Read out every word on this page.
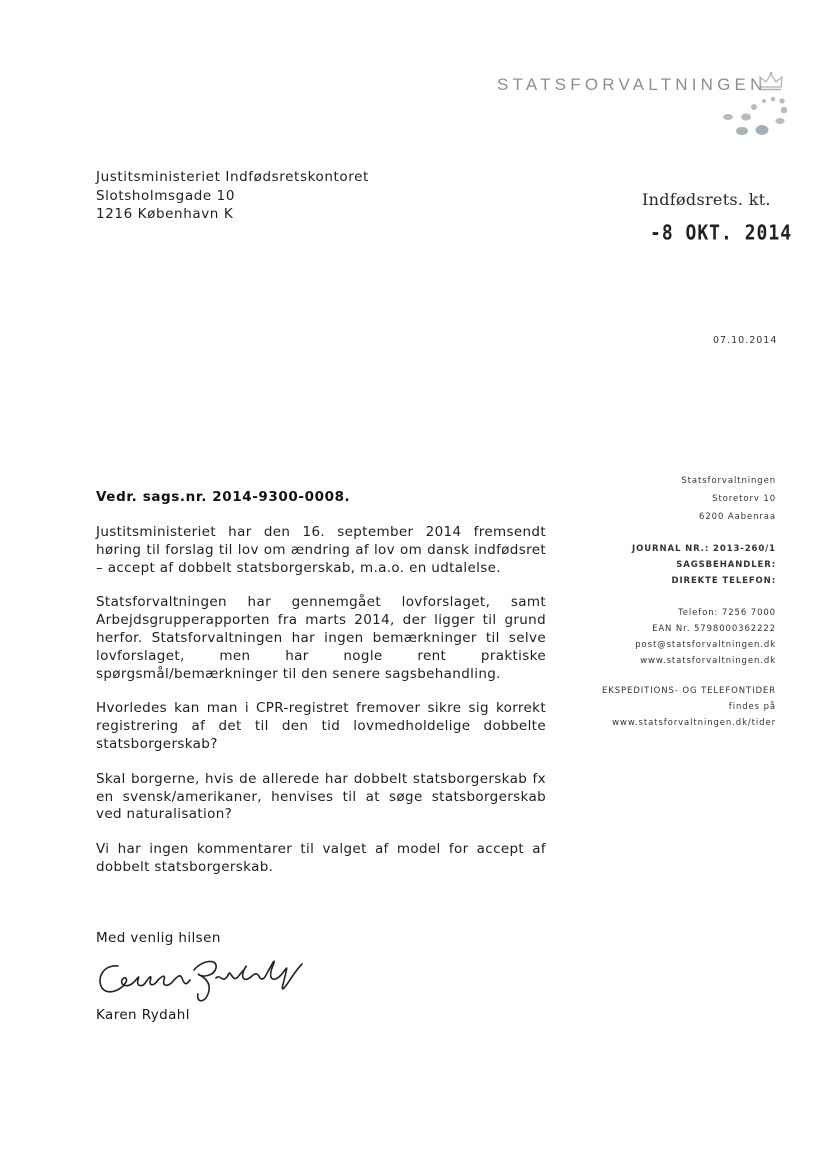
STATSFORVALTNINGEN
Justitsministeriet Indfødsretskontoret
Slotsholmsgade 10
1216 København K
Indfødsrets. kt.
-8 OKT. 2014
07.10.2014
Statsforvaltningen
Storetorv 10
6200 Aabenraa
JOURNAL NR.: 2013-260/1
SAGSBEHANDLER:
DIREKTE TELEFON:
Telefon: 7256 7000
EAN Nr. 5798000362222
post@statsforvaltningen.dk
www.statsforvaltningen.dk
EKSPEDITIONS- OG TELEFONTIDER
findes på
www.statsforvaltningen.dk/tider
Vedr. sags.nr. 2014-9300-0008.

Justitsministeriet har den 16. september 2014 fremsendt høring til forslag til lov om ændring af lov om dansk indfødsret – accept af dobbelt statsborgerskab, m.a.o. en udtalelse.

Statsforvaltningen har gennemgået lovforslaget, samt Arbejdsgrupperapporten fra marts 2014, der ligger til grund herfor. Statsforvaltningen har ingen bemærkninger til selve lovforslaget, men har nogle rent praktiske spørgsmål/bemærkninger til den senere sagsbehandling.

Hvorledes kan man i CPR-registret fremover sikre sig korrekt registrering af det til den tid lovmedholdelige dobbelte statsborgerskab?

Skal borgerne, hvis de allerede har dobbelt statsborgerskab fx en svensk/amerikaner, henvises til at søge statsborgerskab ved naturalisation?

Vi har ingen kommentarer til valget af model for accept af dobbelt statsborgerskab.

Med venlig hilsen
Karen Rydahl
